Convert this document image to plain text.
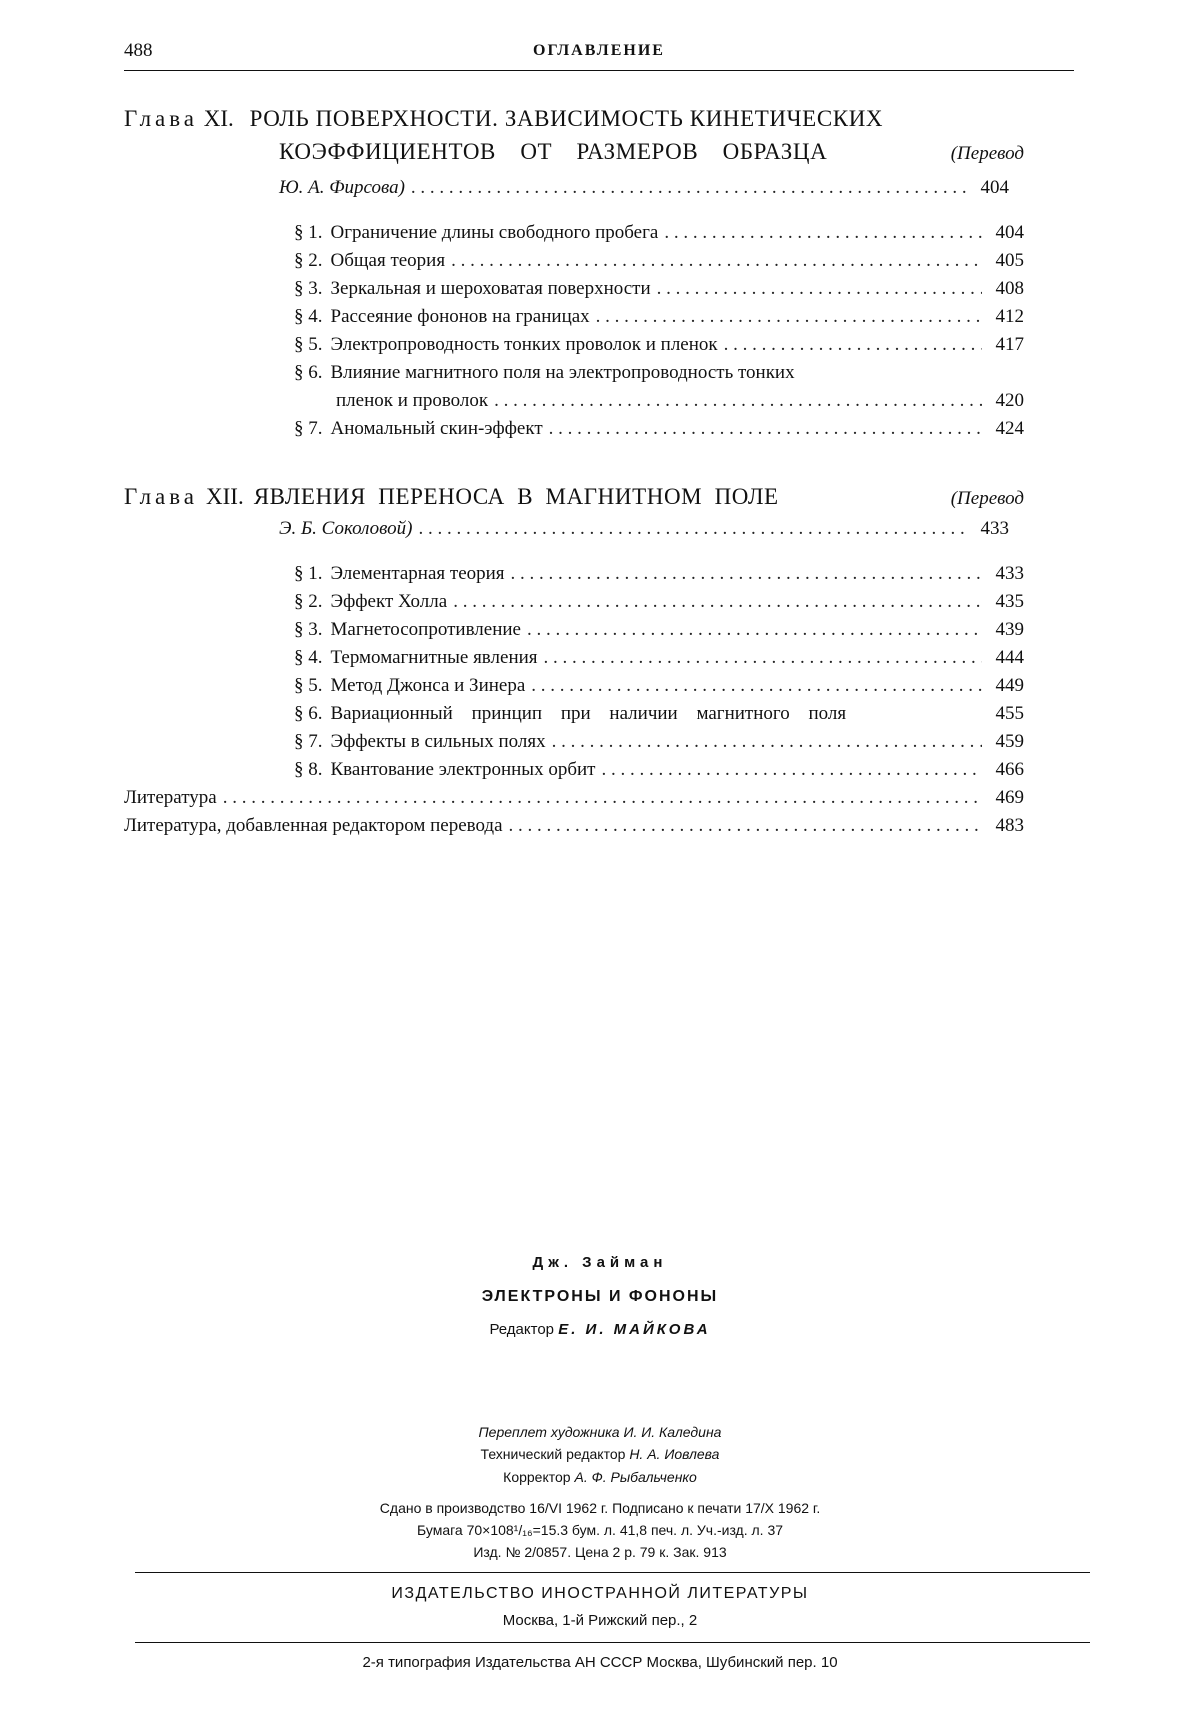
488	ОГЛАВЛЕНИЕ
Глава XI. РОЛЬ ПОВЕРХНОСТИ. ЗАВИСИМОСТЬ КИНЕТИЧЕСКИХ
КОЭФФИЦИЕНТОВ ОТ РАЗМЕРОВ ОБРАЗЦА	(Перевод
Ю. А. Фирсова) . . .	404
§ 1. Ограничение длины свободного пробега . . .	404
§ 2. Общая теория . . .	405
§ 3. Зеркальная и шероховатая поверхности . . .	408
§ 4. Рассеяние фононов на границах . . .	412
§ 5. Электропроводность тонких проволок и пленок . . .	417
§ 6. Влияние магнитного поля на электропроводность тонких
пленок и проволок . . .	420
§ 7. Аномальный скин-эффект . . .	424
Глава XII. ЯВЛЕНИЯ ПЕРЕНОСА В МАГНИТНОМ ПОЛЕ	(Перевод
Э. Б. Соколовой) . . .	433
§ 1. Элементарная теория . . .	433
§ 2. Эффект Холла . . .	435
§ 3. Магнетосопротивление . . .	439
§ 4. Термомагнитные явления . . .	444
§ 5. Метод Джонса и Зинера . . .	449
§ 6. Вариационный принцип при наличии магнитного поля	455
§ 7. Эффекты в сильных полях . . .	459
§ 8. Квантование электронных орбит . . .	466
Литература . . .	469
Литература, добавленная редактором перевода . . .	483
Дж. Займан
ЭЛЕКТРОНЫ И ФОНОНЫ
Редактор Е. И. МАЙКОВА
Переплет художника И. И. Каледина
Технический редактор Н. А. Иовлева
Корректор А. Ф. Рыбальченко
Сдано в производство 16/VI 1962 г. Подписано к печати 17/X 1962 г.
Бумага 70×108¹/₁₆=15.3 бум. л. 41,8 печ. л. Уч.-изд. л. 37
Изд. № 2/0857. Цена 2 р. 79 к. Зак. 913
ИЗДАТЕЛЬСТВО ИНОСТРАННОЙ ЛИТЕРАТУРЫ
Москва, 1-й Рижский пер., 2
2-я типография Издательства АН СССР Москва, Шубинский пер. 10
